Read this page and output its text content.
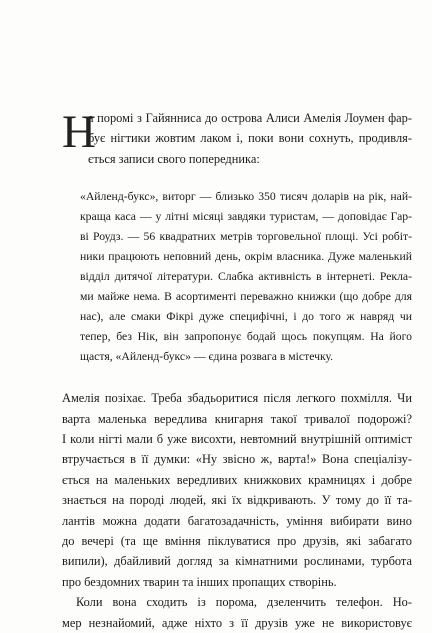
Н
а поромі з Гайянниса до острова Алиси Амелія Лоумен фар-
бує нігтики жовтим лаком і, поки вони сохнуть, продивля-
ється записи свого попередника:
«Айленд-букс», виторг — близько 350 тисяч доларів на рік, най-
краща каса — у літні місяці завдяки туристам, — доповідає Гар-
ві Роудз. — 56 квадратних метрів торговельної площі. Усі робіт-
ники працюють неповний день, окрім власника. Дуже маленький
відділ дитячої літератури. Слабка активність в інтернеті. Рекла-
ми майже нема. В асортименті переважно книжки (що добре для
нас), але смаки Фікрі дуже специфічні, і до того ж навряд чи
тепер, без Нік, він запропонує бодай щось покупцям. На його
щастя, «Айленд-букс» — єдина розвага в містечку.
Амелія позіхає. Треба збадьоритися після легкого похмілля. Чи
варта маленька вередлива книгарня такої тривалої подорожі?
І коли нігті мали б уже висохти, невтомний внутрішній оптиміст
втручається в її думки: «Ну звісно ж, варта!» Вона спеціалізу-
ється на маленьких вередливих книжкових крамницях і добре
знається на породі людей, які їх відкривають. У тому до її та-
лантів можна додати багатозадачність, уміння вибирати вино
до вечері (та ще вміння піклуватися про друзів, які забагато
випили), дбайливий догляд за кімнатними рослинами, турбота
про бездомних тварин та інших пропащих створінь.
Коли вона сходить із порома, дзеленчить телефон. Но-
мер незнайомий, адже ніхто з її друзів уже не використовує
